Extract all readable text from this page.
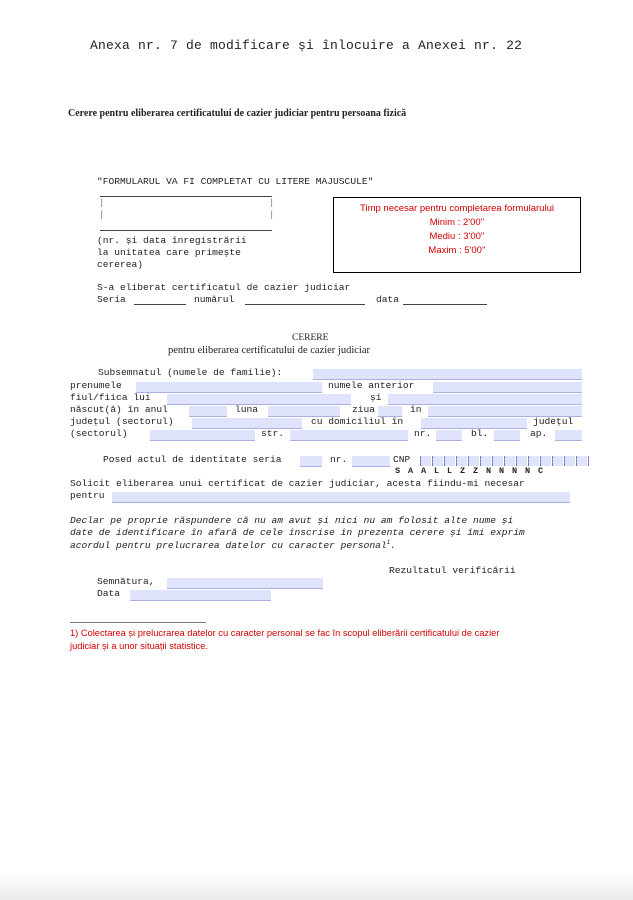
Anexa nr. 7 de modificare și înlocuire a Anexei nr. 22
Cerere pentru eliberarea certificatului de cazier judiciar pentru persoana fizică
"FORMULARUL VA FI COMPLETAT CU LITERE MAJUSCULE"
|	|
|	|
(nr. și data înregistrării
la unitatea care primește
cererea)
Timp necesar pentru completarea formularului
Minim : 2'00''
Mediu : 3'00''
Maxim : 5'00''
S-a eliberat certificatul de cazier judiciar
Seria	numărul	data
CERERE
pentru eliberarea certificatului de cazier judiciar
Subsemnatul (numele de familie):
prenumele	numele anterior
fiul/fiica lui	și
născut(ă) în anul	luna	ziua	în
județul (sectorul)	cu domiciliul în	județul
(sectorul)	str.	nr.	bl.	ap.
Posed actul de identitate seria	nr.	CNP
S A A L L Z Z N N N N C
Solicit eliberarea unui certificat de cazier judiciar, acesta fiindu-mi necesar
pentru
Declar pe proprie răspundere că nu am avut și nici nu am folosit alte nume și
date de identificare în afară de cele înscrise în prezenta cerere și îmi exprim
acordul pentru prelucrarea datelor cu caracter personal$^1$.
Rezultatul verificării
Semnătura,
Data
1) Colectarea și prelucrarea datelor cu caracter personal se fac în scopul eliberării certificatului de cazier
judiciar și a unor situații statistice.
